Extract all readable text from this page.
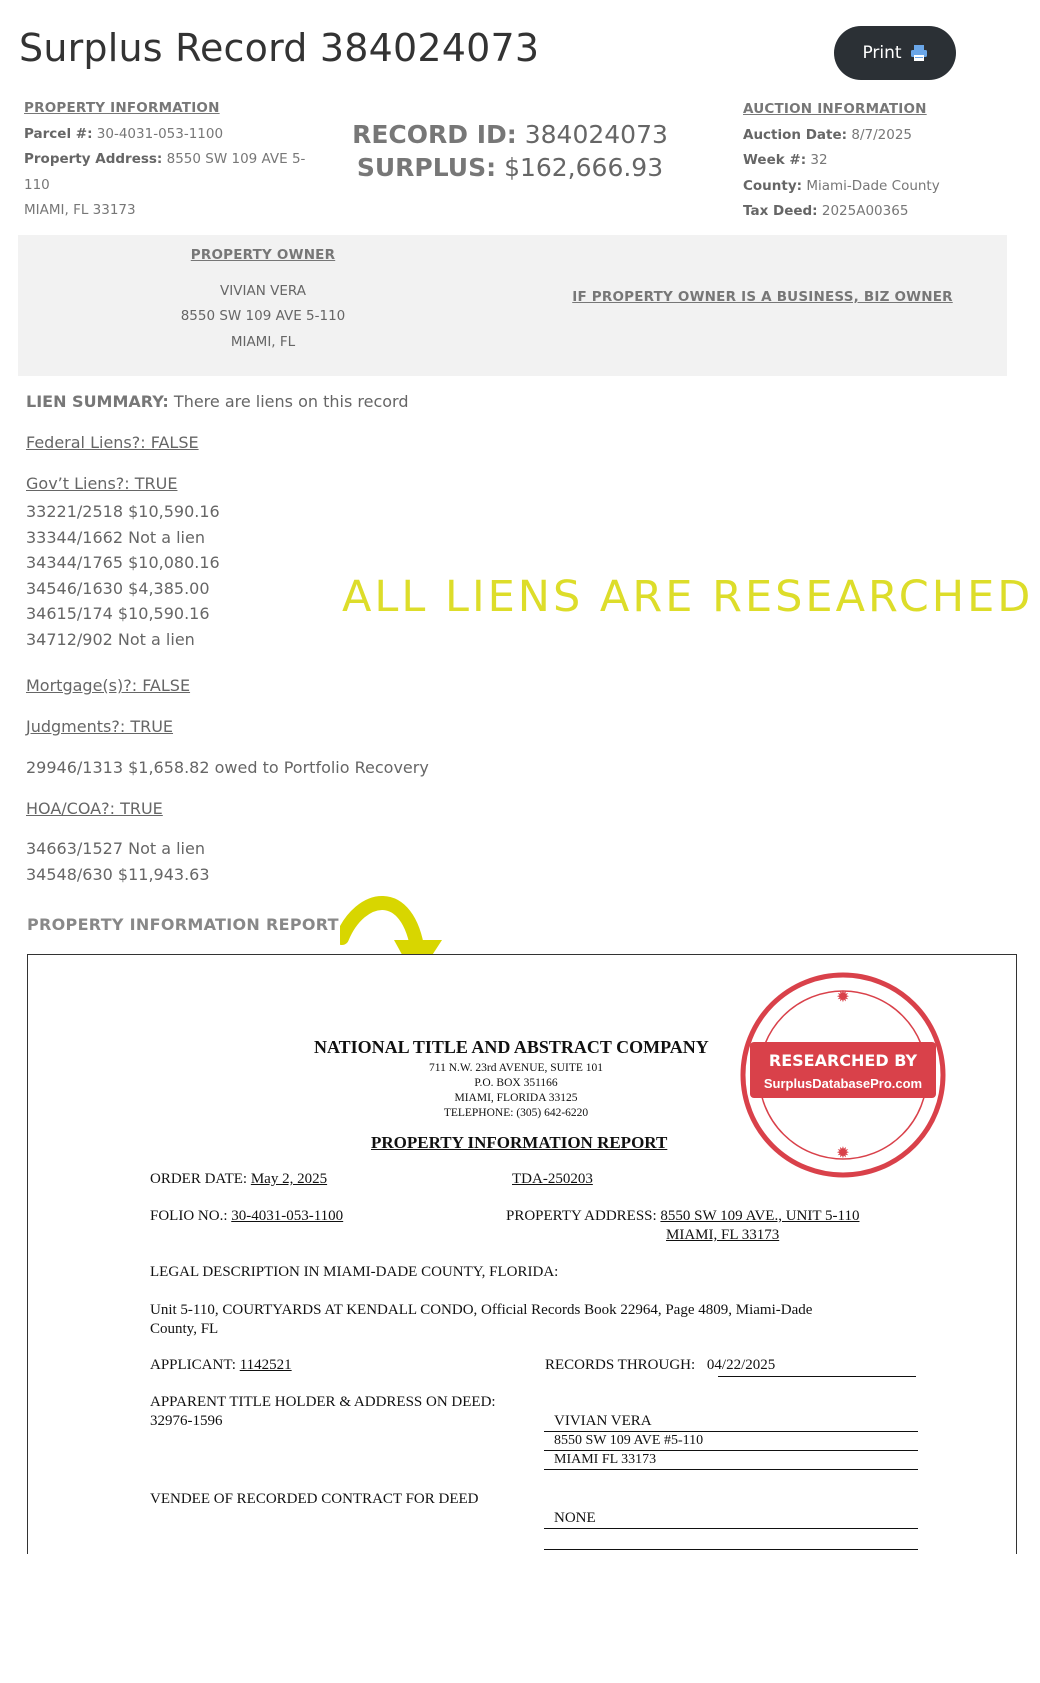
Surplus Record 384024073	Print
PROPERTY INFORMATION
Parcel #: 30-4031-053-1100
Property Address: 8550 SW 109 AVE 5-
110
MIAMI, FL 33173
RECORD ID: 384024073
SURPLUS: $162,666.93
AUCTION INFORMATION
Auction Date: 8/7/2025
Week #: 32
County: Miami-Dade County
Tax Deed: 2025A00365
PROPERTY OWNER
VIVIAN VERA
8550 SW 109 AVE 5-110
MIAMI, FL
IF PROPERTY OWNER IS A BUSINESS, BIZ OWNER
LIEN SUMMARY: There are liens on this record
Federal Liens?: FALSE
Gov’t Liens?: TRUE
33221/2518 $10,590.16
33344/1662 Not a lien
34344/1765 $10,080.16
34546/1630 $4,385.00
34615/174 $10,590.16
34712/902 Not a lien
Mortgage(s)?: FALSE
Judgments?: TRUE
29946/1313 $1,658.82 owed to Portfolio Recovery
HOA/COA?: TRUE
34663/1527 Not a lien
34548/630 $11,943.63
ALL LIENS ARE RESEARCHED
PROPERTY INFORMATION REPORT
NATIONAL TITLE AND ABSTRACT COMPANY
711 N.W. 23rd AVENUE, SUITE 101
P.O. BOX 351166
MIAMI, FLORIDA 33125
TELEPHONE: (305) 642-6220
PROPERTY INFORMATION REPORT
ORDER DATE: May 2, 2025	TDA-250203
FOLIO NO.: 30-4031-053-1100	PROPERTY ADDRESS: 8550 SW 109 AVE., UNIT 5-110
MIAMI, FL 33173
LEGAL DESCRIPTION IN MIAMI-DADE COUNTY, FLORIDA:
Unit 5-110, COURTYARDS AT KENDALL CONDO, Official Records Book 22964, Page 4809, Miami-Dade
County, FL
APPLICANT: 1142521	RECORDS THROUGH: 04/22/2025
APPARENT TITLE HOLDER & ADDRESS ON DEED:
32976-1596	VIVIAN VERA
8550 SW 109 AVE #5-110
MIAMI FL 33173
VENDEE OF RECORDED CONTRACT FOR DEED
NONE
✹
✹
RESEARCHED BY
SurplusDatabasePro.com
